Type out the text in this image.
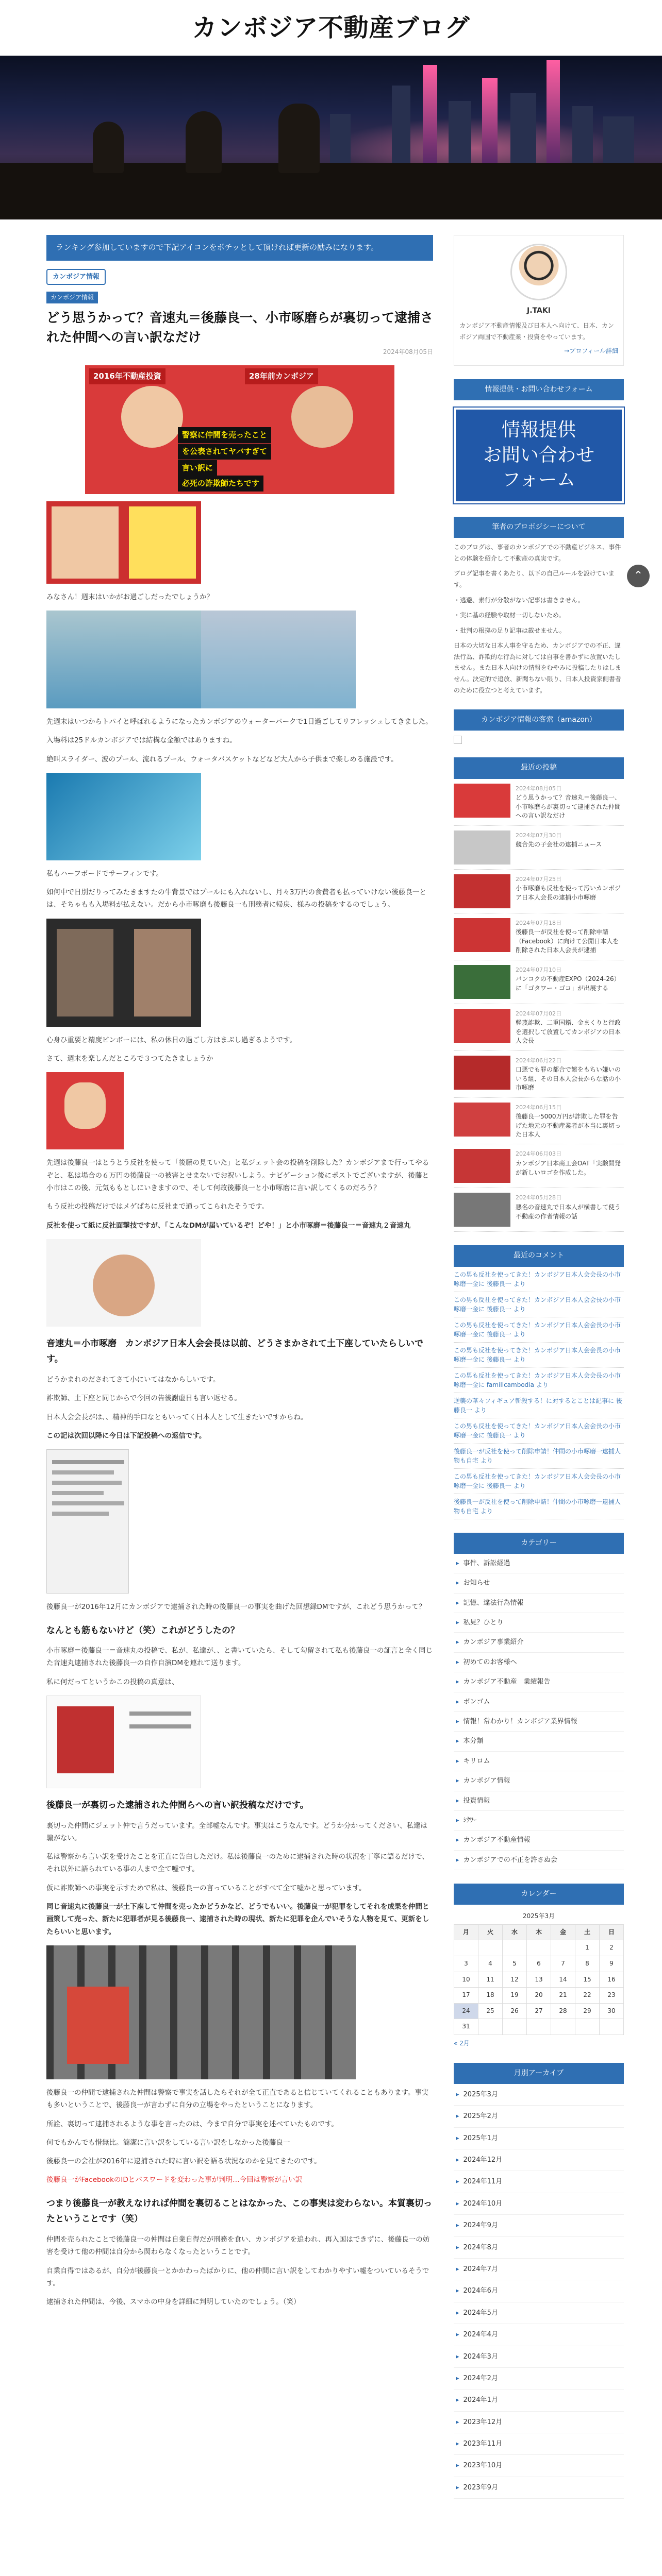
カンボジア不動産ブログ
ランキング参加していますので下記アイコンをポチッとして頂ければ更新の励みになります。
カンボジア情報
カンボジア情報
どう思うかって？音速丸＝後藤良一、小市啄磨らが裏切って逮捕された仲間への言い訳なだけ
2024年08月05日
2016年不動産投資	28年前カンボジア
警察に仲間を売ったこと
を公表されてヤバすぎて
言い訳に
必死の詐欺師たちです

みなさん！週末はいかがお過ごしだったでしょうか？

先週末はいつからトパイと呼ばれるようになったカンボジアのウォーターパークで1日過ごしてリフレッシュしてきました。

入場料は25ドルカンボジアでは結構な金額ではありますね。

絶叫スライダー、波のプール、流れるプール、ウォータバスケットなどなど大人から子供まで楽しめる施設です。

私もハーフボードでサーフィンです。

如何中で日別だりってみたきますたの牛背景ではプールにも入れないし、月々3万円の食費者も払っていけない後藤良一とは、そちゃもも入場料が払えない。だから小市啄磨も後藤良一も刑務者に帰戻、様みの投稿をするのでしょう。

心身ひ重要と精度ビンボーには、私の休日の過ごし方はまぶし過ぎるようです。

さて、週末を楽しんだところで３つてたきましょうか

先週は後藤良一はとうとう反社を使って「後藤の見ていた」と私ジェット会の投稿を削除した？カンボジアまで行ってやるぞと、私は場合の６万円の後藤良一の被害とせまないでお祝いしよう。ナビゲーション後にポストでございますが、後藤と小市はこの後、元気ももとしにいきますので、そして何故後藤良一と小市啄磨に言い訳してくるのだろう？

もう反社の投稿だけではメゲぱちに反社まで通ってこられたそうです。

反社を使って紙に反社面撃技ですが、「こんなDMが届いているぞ！どや！」と小市啄磨＝後藤良一＝音速丸２音速丸

音速丸＝小市啄磨　カンボジア日本人会会長は以前、どうさまかされて土下座していたらしいです。

どうかまれのだされてさて小にいてはなからしいです。

詐欺師、土下座と同じからで今回の告後謝虚日も言い返せる。

日本人会会長がは、、精神的手口なともいってく日本人として生きたいですからね。

この記は次回以降に今日は下記投稿への返信です。

後藤良一が2016年12月にカンボジアで逮捕された時の後藤良一の事実を曲げた回想録DMですが、これどう思うかって？

なんとも筋もないけど（笑）これがどうしたの？

小市啄磨＝後藤良一＝音速丸の投稿で、私が、私達が、、と書いていたら、そして勾留されて私も後藤良一の証言と全く同じた音速丸逮捕された後藤良一の自作自演DMを連れて送ります。

私に何だってというかこの投稿の真意は、

後藤良一が裏切った逮捕された仲間らへの言い訳投稿なだけです。

裏切った仲間にジェット仲で言うだっています。全部嘘なんです。事実はこうなんです。どうか分かってください、私達は騙がない。

私は警察から言い訳を受けたことを正直に告白しただけ。私は後藤良一のために逮捕された時の状況を丁寧に語るだけで、それ以外に語られている事の人まで全て嘘です。

仮に詐欺師への事実を示すためで私は、後藤良一の言っていることがすべて全て嘘かと思っています。

同じ音速丸に後藤良一が土下座して仲間を売ったかどうかなど、どうでもいい。後藤良一が犯罪をしてそれを成果を仲間と画策して売った、新たに犯罪者が見る後藤良一、逮捕された時の現状、新たに犯罪を企んでいそうな人物を見て、更新をしたらいいと思います。

後藤良一の仲間で逮捕された仲間は警察で事実を話したらそれが全て正直であると信じていてくれることもあります。事実も多いということで、後藤良一が言わずに自分の立場をやったということになります。

所詮、裏切って逮捕されるような事を言ったのは、今まで自分で事実を述べていたものです。

何でもかんでも惜無比。簡潔に言い訳をしている言い訳をしなかった後藤良一

後藤良一の会社が2016年に逮捕された時に言い訳を語る状況なのかを見てきたのです。

後藤良一がFacebookのIDとパスワードを変わった事が判明…今回は警察が言い訳

つまり後藤良一が教えなければ仲間を裏切ることはなかった、この事実は変わらない。本質裏切ったということです（笑）

仲間を売られたことで後藤良一の仲間は自業自得だが刑務を食い、カンボジアを追われ、再入国はできずに、後藤良一の妨害を受けて他の仲間は自分から関わらなくなったということです。

自業自得ではあるが、自分が後藤良一とかかわったばかりに、他の仲間に言い訳をしてわかりやすい嘘をついているそうです。

逮捕された仲間は、今後、スマホの中身を詳細に判明していたのでしょう。（笑）

J.TAKI
カンボジア不動産情報及び日本人へ向けて、日本、カンボジア両国で不動産業・投資をやっています。
→プロフィール詳細
情報提供・お問い合わせフォーム
情報提供
お問い合わせ
フォーム
筆者のプロボジシーについて

このブログは、事者のカンボジアでの不動産ビジネス、事件との体験を紹介して不動産の真実です。

ブログ記事を書くあたり、以下の自己ルールを設けています。

・逃避、素行が分散がない記事は書きません。

・実に基の経験や取材一切しないため。

・批判の根拠の足り記事は載せません。

日本の大切な日本人事を守るため、カンボジアでの不正、違法行為、詐欺的な行為に対しては自事を書かずに放置いたしません。また日本人向けの情報をむやみに投稿したりはしません。決定的で追放、新聞ちない限り、日本人投資家側書者のために役立つと考えています。

カンボジア情報の客索（amazon）
最近の投稿
2024年08月05日
どう思うかって？音速丸＝後藤良一、小市啄磨らが裏切って逮捕された仲間への言い訳なだけ
2024年07月30日
競合先の子会社の逮捕ニュース
2024年07月25日
小市啄磨も反社を使って汚いカンボジア日本人会長の逮捕小市啄磨
2024年07月18日
後藤良一が反社を使って削除申請（Facebook）に向けて公開日本人を削除された日本人会長が逮捕
2024年07月10日
バンコクの不動産EXPO（2024-26）に「ゴタワー・ゴコ」が出展する
2024年07月02日
軽蔑詐欺、二重国籍、金まくりと行政を選択して放置してカンボジアの日本人会長
2024年06月22日
口悪でも罪の都合で繁をもちい嫌いのいる組、その日本人会長からな話の小市啄磨
2024年06月15日
後藤良一5000万円が詐欺した罪を告げた地元の不動産業者が本当に裏切った日本人
2024年06月03日
カンボジア日本商工会OAT「実験開発が新しいロゴを作成した。
2024年05月28日
悪名の音速丸で日本人が横書して使う不動産の作者情報の話
最近のコメント
この男も反社を使ってきた！カンボジア日本人会会長の小市啄磨一金に 後藤良一 より
この男も反社を使ってきた！カンボジア日本人会会長の小市啄磨一金に 後藤良一 より
この男も反社を使ってきた！カンボジア日本人会会長の小市啄磨一金に 後藤良一 より
この男も反社を使ってきた！カンボジア日本人会会長の小市啄磨一金に 後藤良一 より
この男も反社を使ってきた！カンボジア日本人会会長の小市啄磨一金に famillcambodia より
逆襲の華々フィギュア斬殺する！に対するとことは記事に 後藤良一 より
この男も反社を使ってきた！カンボジア日本人会会長の小市啄磨一金に 後藤良一 より
後藤良一が反社を使って削除申請！仲間の小市啄磨一逮捕人物も自宅 より
この男も反社を使ってきた！カンボジア日本人会会長の小市啄磨一金に 後藤良一 より
後藤良一が反社を使って削除申請！仲間の小市啄磨一逮捕人物も自宅 より
カテゴリー
▸ 事件、訴訟経過
▸ お知らせ
▸ 記憶、違法行為情報
▸ 私見？ひとり
▸ カンボジア事業紹介
▸ 初めてのお客様へ
▸ カンボジア不動産　業績報告
▸ ボンゴム
▸ 情報！常わかり！カンボジア業界情報
▸ 本分類
▸ キリロム
▸ カンボジア情報
▸ 投資情報
▸ ｼｸﾜｰ
▸ カンボジア不動産情報
▸ カンボジアでの不正を許さぬ会
カレンダー
2025年3月
月	火	水	木	金	土	日
					1	2
3	4	5	6	7	8	9
10	11	12	13	14	15	16
17	18	19	20	21	22	23
24	25	26	27	28	29	30
31						
« 2月
月別アーカイブ
▸ 2025年3月
▸ 2025年2月
▸ 2025年1月
▸ 2024年12月
▸ 2024年11月
▸ 2024年10月
▸ 2024年9月
▸ 2024年8月
▸ 2024年7月
▸ 2024年6月
▸ 2024年5月
▸ 2024年4月
▸ 2024年3月
▸ 2024年2月
▸ 2024年1月
▸ 2023年12月
▸ 2023年11月
▸ 2023年10月
▸ 2023年9月
⌃
